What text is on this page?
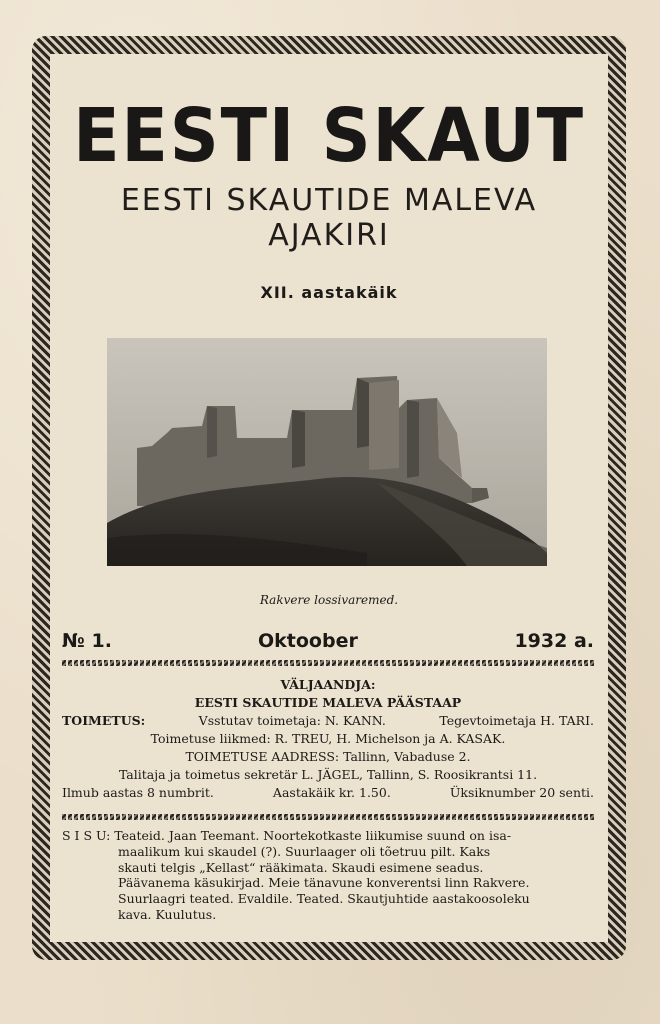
EESTI SKAUT
EESTI SKAUTIDE MALEVA
AJAKIRI
XII. aastakäik
Rakvere lossivaremed.
№ 1.	Oktoober	1932 a.
VÄLJAANDJA:
EESTI SKAUTIDE MALEVA PÄÄSTAAP
TOIMETUS:	Vsstutav toimetaja: N. KANN.	Tegevtoimetaja H. TARI.
Toimetuse liikmed: R. TREU, H. Michelson ja A. KASAK.
TOIMETUSE AADRESS: Tallinn, Vabaduse 2.
Talitaja ja toimetus sekretär L. JÄGEL, Tallinn, S. Roosikrantsi 11.
Ilmub aastas 8 numbrit.	Aastakäik kr. 1.50.	Üksiknumber 20 senti.
S I S U: Teateid. Jaan Teemant. Noortekotkaste liikumise suund on isa-
maalikum kui skaudel (?). Suurlaager oli tõetruu pilt. Kaks
skauti telgis „Kellast“ rääkimata. Skaudi esimene seadus.
Päävanema käsukirjad. Meie tänavune konverentsi linn Rakvere.
Suurlaagri teated. Evaldile. Teated. Skautjuhtide aastakoosoleku
kava. Kuulutus.
